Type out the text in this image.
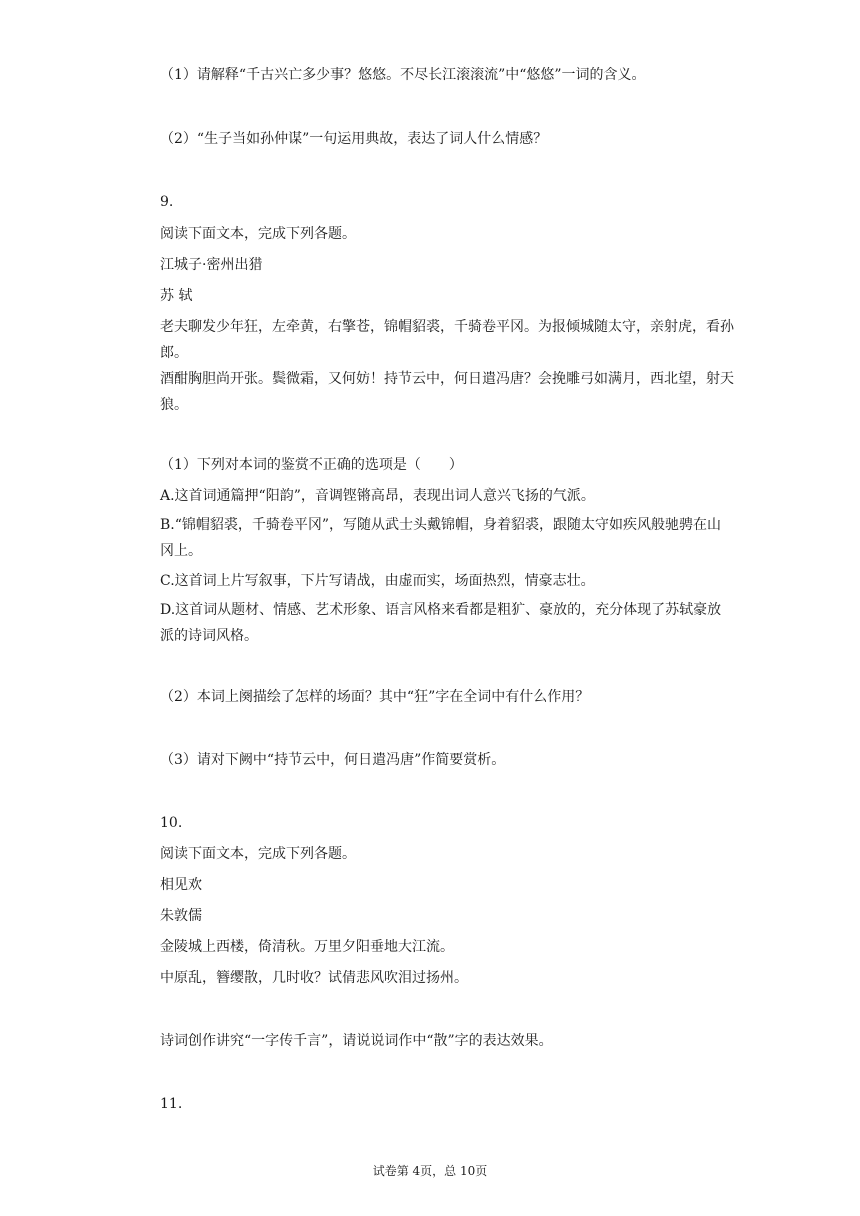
（1）请解释“千古兴亡多少事？悠悠。不尽长江滚滚流”中“悠悠”一词的含义。
（2）“生子当如孙仲谋”一句运用典故，表达了词人什么情感？
9.
阅读下面文本，完成下列各题。
江城子·密州出猎
苏 轼
老夫聊发少年狂，左牵黄，右擎苍，锦帽貂裘，千骑卷平冈。为报倾城随太守，亲射虎，看孙郎。
酒酣胸胆尚开张。鬓微霜，又何妨！持节云中，何日遣冯唐？会挽雕弓如满月，西北望，射天狼。
（1）下列对本词的鉴赏不正确的选项是（　　）
A.这首词通篇押“阳韵”，音调铿锵高昂，表现出词人意兴飞扬的气派。
B.“锦帽貂裘，千骑卷平冈”，写随从武士头戴锦帽，身着貂裘，跟随太守如疾风般驰骋在山冈上。
C.这首词上片写叙事，下片写请战，由虚而实，场面热烈，情豪志壮。
D.这首词从题材、情感、艺术形象、语言风格来看都是粗犷、豪放的，充分体现了苏轼豪放派的诗词风格。
（2）本词上阕描绘了怎样的场面？其中“狂”字在全词中有什么作用？
（3）请对下阙中“持节云中，何日遣冯唐”作简要赏析。
10.
阅读下面文本，完成下列各题。
相见欢
朱敦儒
金陵城上西楼，倚清秋。万里夕阳垂地大江流。
中原乱，簪缨散，几时收？试倩悲风吹泪过扬州。
诗词创作讲究“一字传千言”，请说说词作中“散”字的表达效果。
11.
试卷第 4页，总 10页
